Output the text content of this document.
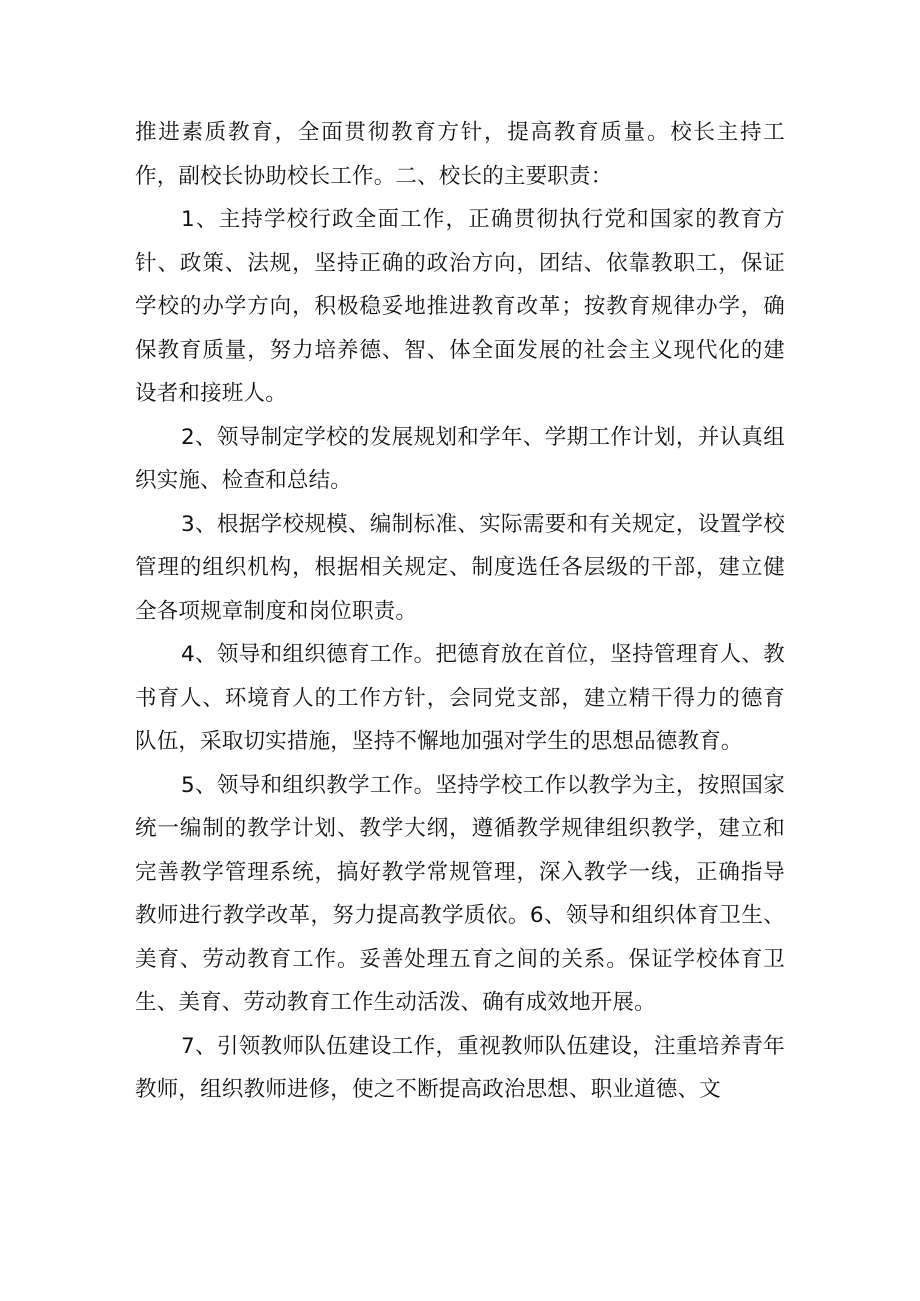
推进素质教育，全面贯彻教育方针，提高教育质量。校长主持工作，副校长协助校长工作。二、校长的主要职责：

1、主持学校行政全面工作，正确贯彻执行党和国家的教育方针、政策、法规，坚持正确的政治方向，团结、依靠教职工，保证学校的办学方向，积极稳妥地推进教育改革；按教育规律办学，确保教育质量，努力培养德、智、体全面发展的社会主义现代化的建设者和接班人。

2、领导制定学校的发展规划和学年、学期工作计划，并认真组织实施、检查和总结。

3、根据学校规模、编制标准、实际需要和有关规定，设置学校管理的组织机构，根据相关规定、制度选任各层级的干部，建立健全各项规章制度和岗位职责。

4、领导和组织德育工作。把德育放在首位，坚持管理育人、教书育人、环境育人的工作方针，会同党支部，建立精干得力的德育队伍，采取切实措施，坚持不懈地加强对学生的思想品德教育。

5、领导和组织教学工作。坚持学校工作以教学为主，按照国家统一编制的教学计划、教学大纲，遵循教学规律组织教学，建立和完善教学管理系统，搞好教学常规管理，深入教学一线，正确指导教师进行教学改革，努力提高教学质依。6、领导和组织体育卫生、美育、劳动教育工作。妥善处理五育之间的关系。保证学校体育卫生、美育、劳动教育工作生动活泼、确有成效地开展。

7、引领教师队伍建设工作，重视教师队伍建设，注重培养青年教师，组织教师进修，使之不断提高政治思想、职业道德、文
